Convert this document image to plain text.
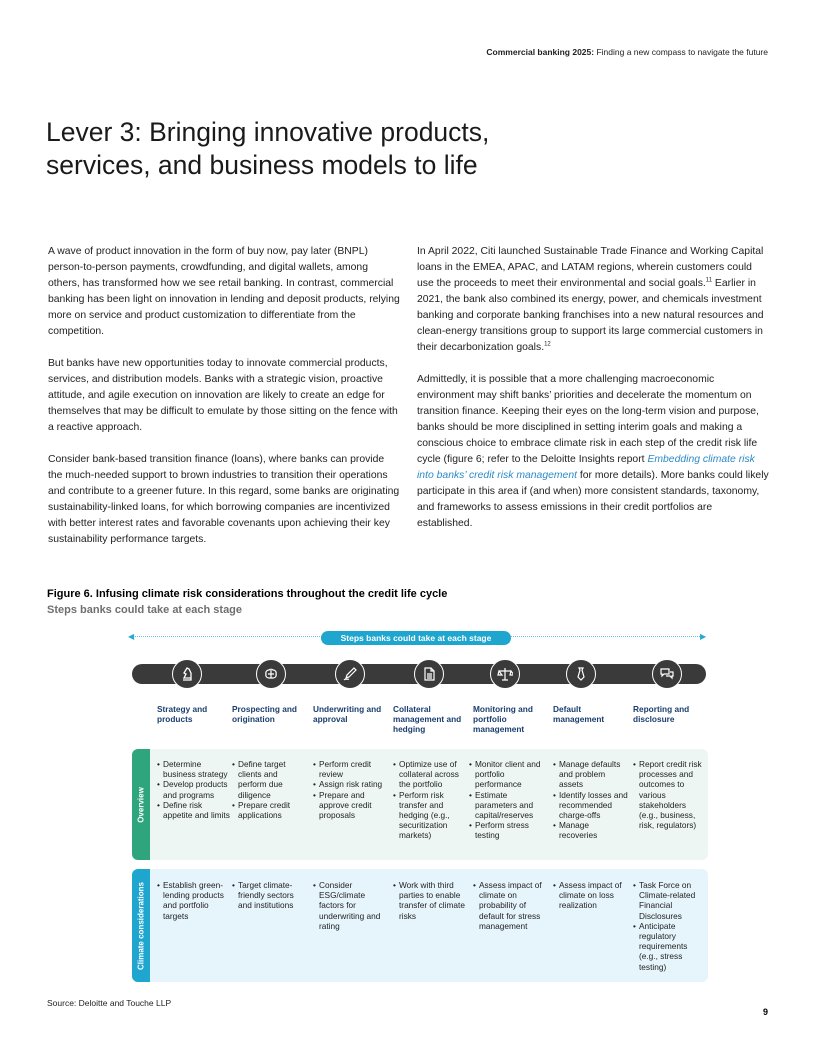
Commercial banking 2025: Finding a new compass to navigate the future
Lever 3: Bringing innovative products, services, and business models to life

A wave of product innovation in the form of buy now, pay later (BNPL) person-to-person payments, crowdfunding, and digital wallets, among others, has transformed how we see retail banking. In contrast, commercial banking has been light on innovation in lending and deposit products, relying more on service and product customization to differentiate from the competition.

But banks have new opportunities today to innovate commercial products, services, and distribution models. Banks with a strategic vision, proactive attitude, and agile execution on innovation are likely to create an edge for themselves that may be difficult to emulate by those sitting on the fence with a reactive approach.

Consider bank-based transition finance (loans), where banks can provide the much-needed support to brown industries to transition their operations and contribute to a greener future. In this regard, some banks are originating sustainability-linked loans, for which borrowing companies are incentivized with better interest rates and favorable covenants upon achieving their key sustainability performance targets.

In April 2022, Citi launched Sustainable Trade Finance and Working Capital loans in the EMEA, APAC, and LATAM regions, wherein customers could use the proceeds to meet their environmental and social goals.$^{11}$ Earlier in 2021, the bank also combined its energy, power, and chemicals investment banking and corporate banking franchises into a new natural resources and clean-energy transitions group to support its large commercial customers in their decarbonization goals.$^{12}$

Admittedly, it is possible that a more challenging macroeconomic environment may shift banks’ priorities and decelerate the momentum on transition finance. Keeping their eyes on the long-term vision and purpose, banks should be more disciplined in setting interim goals and making a conscious choice to embrace climate risk in each step of the credit risk life cycle (figure 6; refer to the Deloitte Insights report Embedding climate risk into banks’ credit risk management for more details). More banks could likely participate in this area if (and when) more consistent standards, taxonomy, and frameworks to assess emissions in their credit portfolios are established.

Figure 6. Infusing climate risk considerations throughout the credit life cycle
Steps banks could take at each stage
◀	▶
Steps banks could take at each stage
Strategy and products
Prospecting and origination
Underwriting and approval
Collateral management and hedging
Monitoring and portfolio management
Default management
Reporting and disclosure
Overview
Climate considerations
• Determine business strategy
• Develop products and programs
• Define risk appetite and limits
• Define target clients and perform due diligence
• Prepare credit applications
• Perform credit review
• Assign risk rating
• Prepare and approve credit proposals
• Optimize use of collateral across the portfolio
• Perform risk transfer and hedging (e.g., securitization markets)
• Monitor client and portfolio performance
• Estimate parameters and capital/reserves
• Perform stress testing
• Manage defaults and problem assets
• Identify losses and recommended charge-offs
• Manage recoveries
• Report credit risk processes and outcomes to various stakeholders (e.g., business, risk, regulators)
• Establish green-lending products and portfolio targets
• Target climate-friendly sectors and institutions
• Consider ESG/climate factors for underwriting and rating
• Work with third parties to enable transfer of climate risks
• Assess impact of climate on probability of default for stress management
• Assess impact of climate on loss realization
• Task Force on Climate-related Financial Disclosures
• Anticipate regulatory requirements (e.g., stress testing)
Source: Deloitte and Touche LLP
9
